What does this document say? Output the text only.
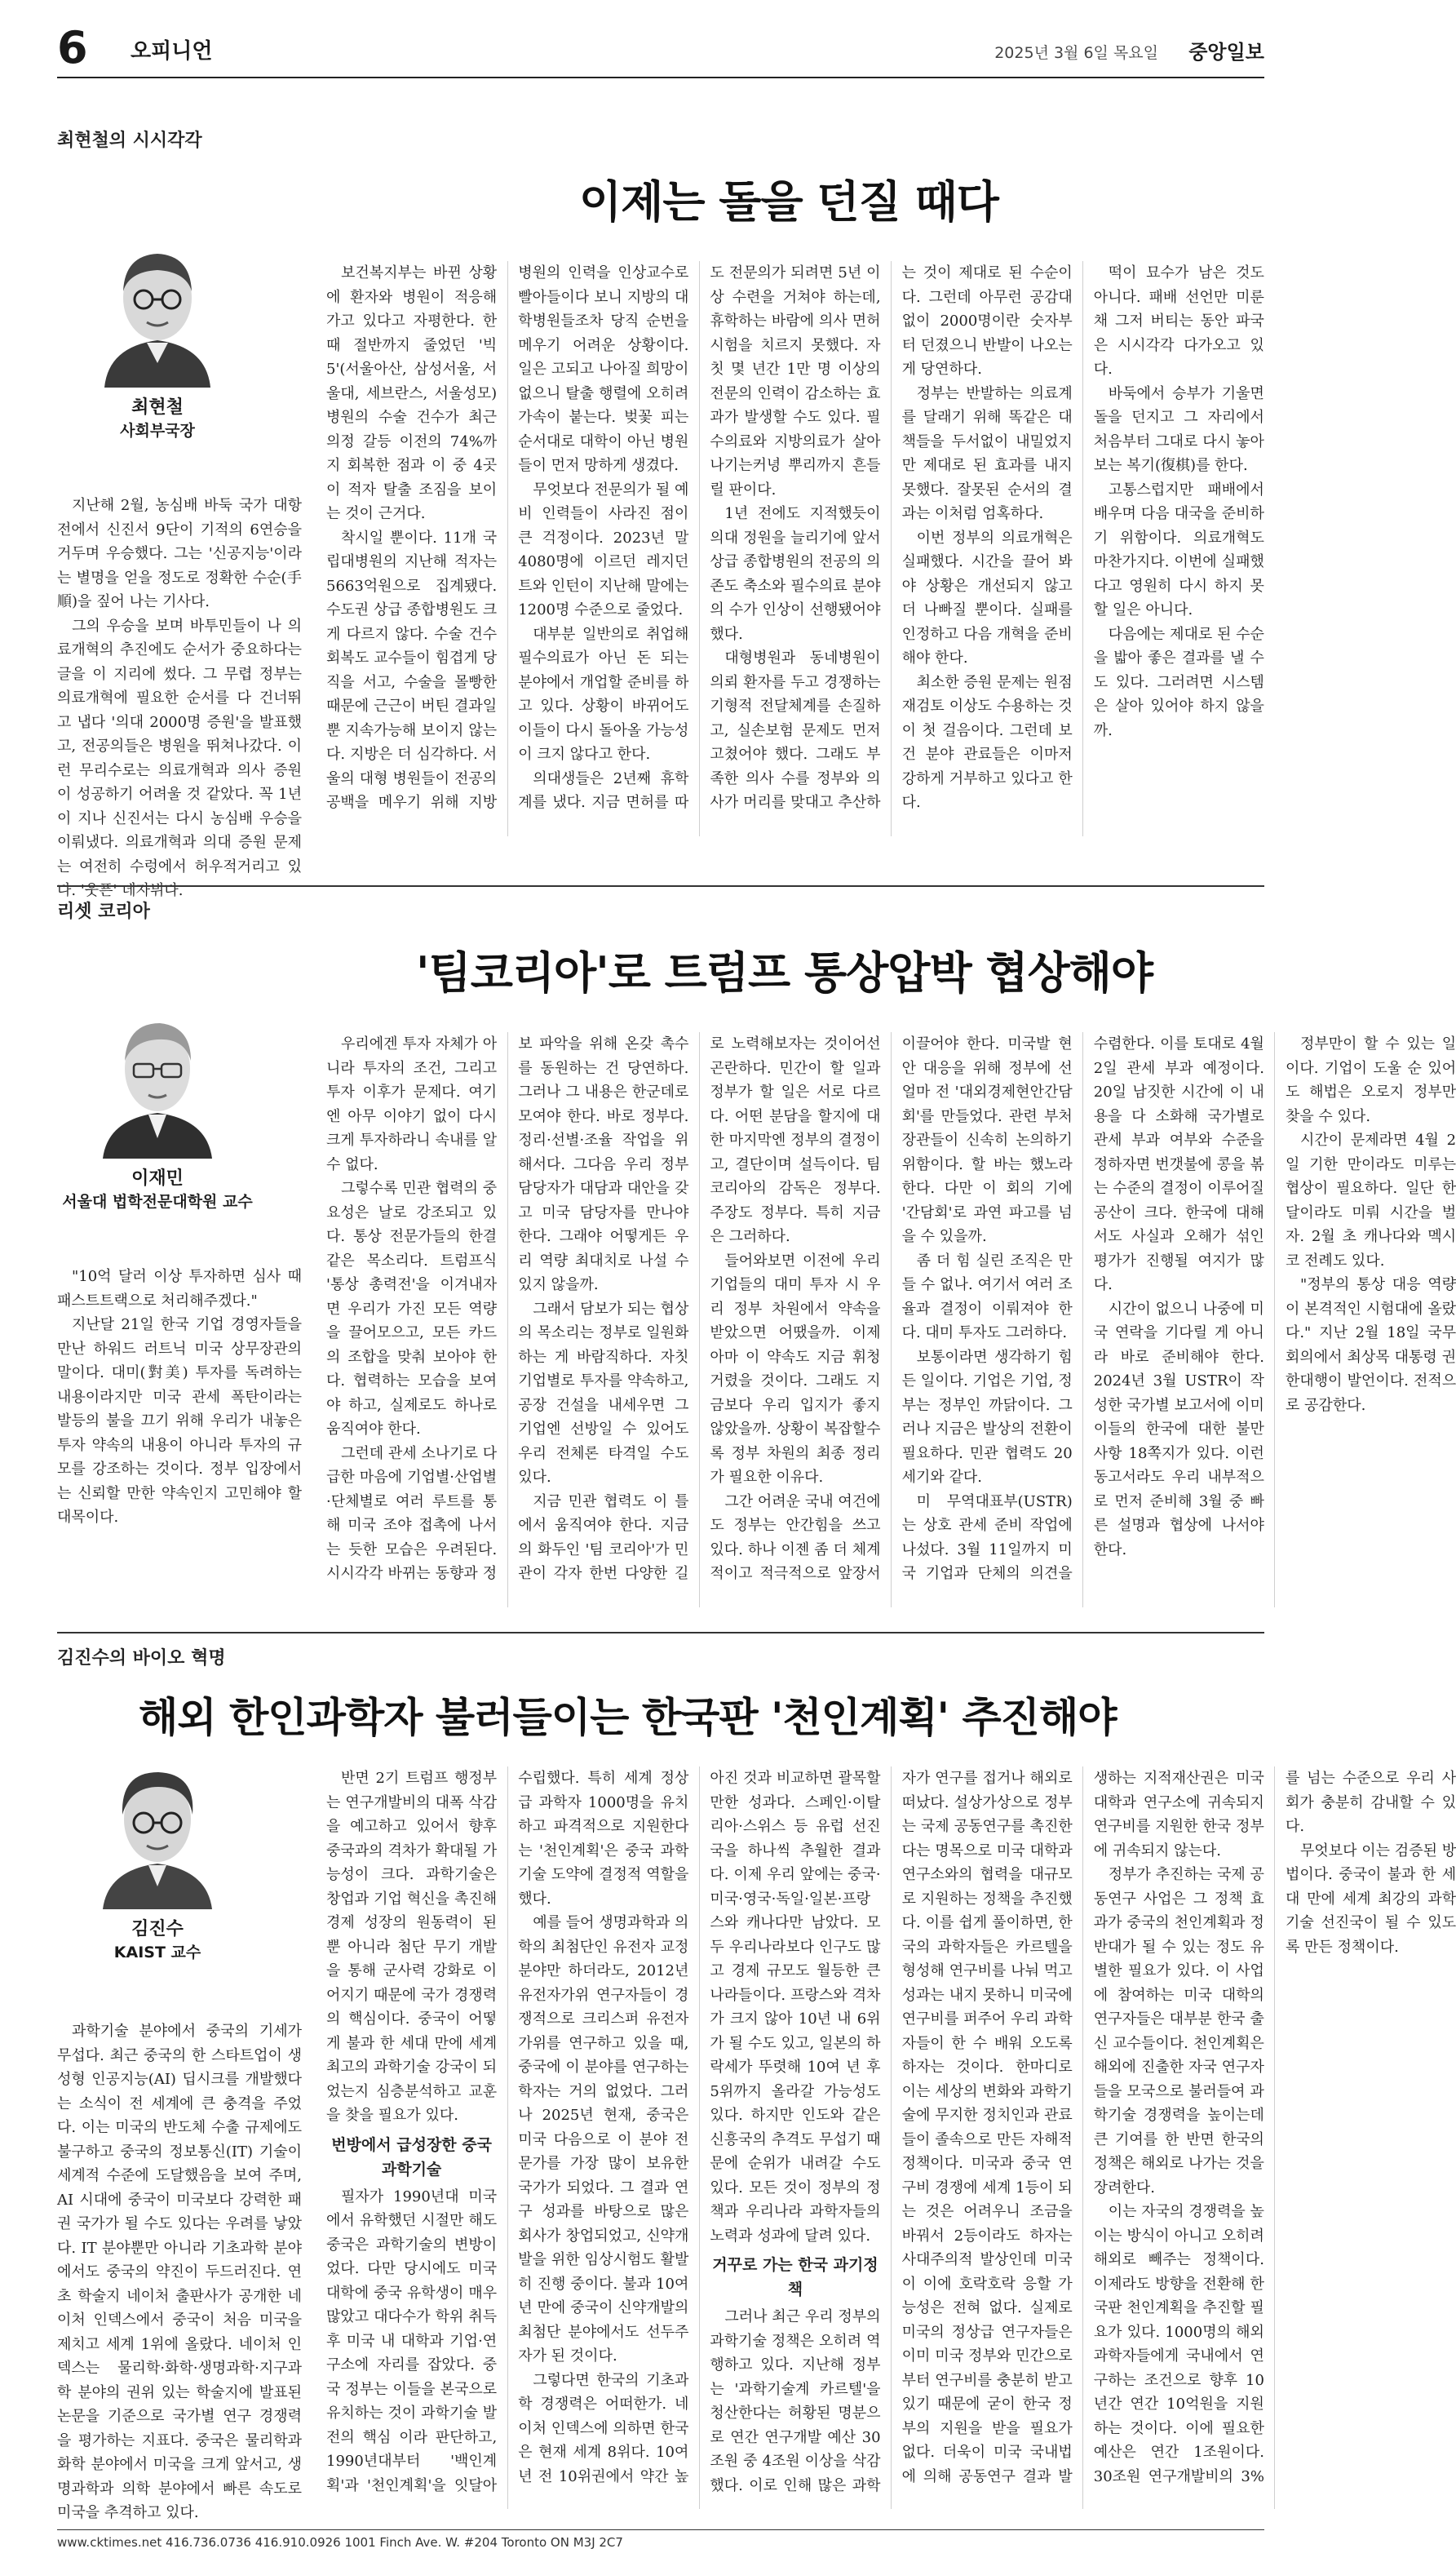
6 오피니언	2025년 3월 6일 목요일 중앙일보
최현철의 시시각각
이제는 돌을 던질 때다
최현철
사회부국장

지난해 2월, 농심배 바둑 국가 대항전에서 신진서 9단이 기적의 6연승을 거두며 우승했다. 그는 '신공지능'이라는 별명을 얻을 정도로 정확한 수순(手順)을 짚어 나는 기사다.

그의 우승을 보며 바투민들이 나 의료개혁의 추진에도 순서가 중요하다는 글을 이 지리에 썼다. 그 무렵 정부는 의료개혁에 필요한 순서를 다 건너뛰고 냅다 '의대 2000명 증원'을 발표했고, 전공의들은 병원을 뛰쳐나갔다. 이런 무리수로는 의료개혁과 의사 증원이 성공하기 어려울 것 같았다. 꼭 1년이 지나 신진서는 다시 농심배 우승을 이뤄냈다. 의료개혁과 의대 증원 문제는 여전히 수렁에서 허우적거리고 있다. '웃픈' 데자뷔다.

보건복지부는 바뀐 상황에 환자와 병원이 적응해 가고 있다고 자평한다. 한때 절반까지 줄었던 '빅5'(서울아산, 삼성서울, 서울대, 세브란스, 서울성모) 병원의 수술 건수가 최근 의정 갈등 이전의 74%까지 회복한 점과 이 중 4곳이 적자 탈출 조짐을 보이는 것이 근거다.

착시일 뿐이다. 11개 국립대병원의 지난해 적자는 5663억원으로 집계됐다. 수도권 상급 종합병원도 크게 다르지 않다. 수술 건수 회복도 교수들이 힘겹게 당직을 서고, 수술을 몰빵한 때문에 근근이 버틴 결과일 뿐 지속가능해 보이지 않는다. 지방은 더 심각하다. 서울의 대형 병원들이 전공의 공백을 메우기 위해 지방 병원의 인력을 인상교수로 빨아들이다 보니 지방의 대학병원들조차 당직 순번을 메우기 어려운 상황이다. 일은 고되고 나아질 희망이 없으니 탈출 행렬에 오히려 가속이 붙는다. 벚꽃 피는 순서대로 대학이 아닌 병원들이 먼저 망하게 생겼다.

무엇보다 전문의가 될 예비 인력들이 사라진 점이 큰 걱정이다. 2023년 말 4080명에 이르던 레지던트와 인턴이 지난해 말에는 1200명 수준으로 줄었다.

대부분 일반의로 취업해 필수의료가 아닌 돈 되는 분야에서 개업할 준비를 하고 있다. 상황이 바뀌어도 이들이 다시 돌아올 가능성이 크지 않다고 한다.

의대생들은 2년째 휴학계를 냈다. 지금 면허를 따도 전문의가 되려면 5년 이상 수련을 거쳐야 하는데, 휴학하는 바람에 의사 면허시험을 치르지 못했다. 자칫 몇 년간 1만 명 이상의 전문의 인력이 감소하는 효과가 발생할 수도 있다. 필수의료와 지방의료가 살아나기는커녕 뿌리까지 흔들릴 판이다.

1년 전에도 지적했듯이 의대 정원을 늘리기에 앞서 상급 종합병원의 전공의 의존도 축소와 필수의료 분야의 수가 인상이 선행됐어야 했다.

대형병원과 동네병원이 의뢰 환자를 두고 경쟁하는 기형적 전달체계를 손질하고, 실손보험 문제도 먼저 고쳤어야 했다. 그래도 부족한 의사 수를 정부와 의사가 머리를 맞대고 추산하는 것이 제대로 된 수순이다. 그런데 아무런 공감대 없이 2000명이란 숫자부터 던졌으니 반발이 나오는 게 당연하다.

정부는 반발하는 의료계를 달래기 위해 똑같은 대책들을 두서없이 내밀었지만 제대로 된 효과를 내지 못했다. 잘못된 순서의 결과는 이처럼 엄혹하다.

이번 정부의 의료개혁은 실패했다. 시간을 끌어 봐야 상황은 개선되지 않고 더 나빠질 뿐이다. 실패를 인정하고 다음 개혁을 준비해야 한다.

최소한 증원 문제는 원점 재검토 이상도 수용하는 것이 첫 걸음이다. 그런데 보건 분야 관료들은 이마저 강하게 거부하고 있다고 한다.

떡이 묘수가 남은 것도 아니다. 패배 선언만 미룬 채 그저 버티는 동안 파국은 시시각각 다가오고 있다.

바둑에서 승부가 기울면 돌을 던지고 그 자리에서 처음부터 그대로 다시 놓아 보는 복기(復棋)를 한다.

고통스럽지만 패배에서 배우며 다음 대국을 준비하기 위함이다. 의료개혁도 마찬가지다. 이번에 실패했다고 영원히 다시 하지 못할 일은 아니다.

다음에는 제대로 된 수순을 밟아 좋은 결과를 낼 수도 있다. 그러려면 시스템은 살아 있어야 하지 않을까.

리셋 코리아
'팀코리아'로 트럼프 통상압박 협상해야
이재민
서울대 법학전문대학원 교수

"10억 달러 이상 투자하면 심사 때 패스트트랙으로 처리해주겠다."

지난달 21일 한국 기업 경영자들을 만난 하워드 러트닉 미국 상무장관의 말이다. 대미(對美) 투자를 독려하는 내용이라지만 미국 관세 폭탄이라는 발등의 불을 끄기 위해 우리가 내놓은 투자 약속의 내용이 아니라 투자의 규모를 강조하는 것이다. 정부 입장에서는 신뢰할 만한 약속인지 고민해야 할 대목이다.

우리에겐 투자 자체가 아니라 투자의 조건, 그리고 투자 이후가 문제다. 여기엔 아무 이야기 없이 다시 크게 투자하라니 속내를 알 수 없다.

그렇수록 민관 협력의 중요성은 날로 강조되고 있다. 통상 전문가들의 한결같은 목소리다. 트럼프식 '통상 총력전'을 이겨내자면 우리가 가진 모든 역량을 끌어모으고, 모든 카드의 조합을 맞춰 보아야 한다. 협력하는 모습을 보여야 하고, 실제로도 하나로 움직여야 한다.

그런데 관세 소나기로 다급한 마음에 기업별·산업별·단체별로 여러 루트를 통해 미국 조야 접촉에 나서는 듯한 모습은 우려된다. 시시각각 바뀌는 동향과 정보 파악을 위해 온갖 촉수를 동원하는 건 당연하다. 그러나 그 내용은 한군데로 모여야 한다. 바로 정부다. 정리·선별·조율 작업을 위해서다. 그다음 우리 정부 담당자가 대담과 대안을 갖고 미국 담당자를 만나야 한다. 그래야 어떻게든 우리 역량 최대치로 나설 수 있지 않을까.

그래서 담보가 되는 협상의 목소리는 정부로 일원화하는 게 바람직하다. 자칫 기업별로 투자를 약속하고, 공장 건설을 내세우면 그 기업엔 선방일 수 있어도 우리 전체론 타격일 수도 있다.

지금 민관 협력도 이 틀에서 움직여야 한다. 지금의 화두인 '팀 코리아'가 민관이 각자 한번 다양한 길로 노력해보자는 것이어선 곤란하다. 민간이 할 일과 정부가 할 일은 서로 다르다. 어떤 분담을 할지에 대한 마지막엔 정부의 결정이고, 결단이며 설득이다. 팀 코리아의 감독은 정부다. 주장도 정부다. 특히 지금은 그러하다.

들어와보면 이전에 우리 기업들의 대미 투자 시 우리 정부 차원에서 약속을 받았으면 어땠을까. 이제 아마 이 약속도 지금 휘청거렸을 것이다. 그래도 지금보다 우리 입지가 좋지 않았을까. 상황이 복잡할수록 정부 차원의 최종 정리가 필요한 이유다.

그간 어려운 국내 여건에도 정부는 안간힘을 쓰고 있다. 하나 이젠 좀 더 체계적이고 적극적으로 앞장서 이끌어야 한다. 미국발 현안 대응을 위해 정부에 선 얼마 전 '대외경제현안간담회'를 만들었다. 관련 부처 장관들이 신속히 논의하기 위함이다. 할 바는 했노라 한다. 다만 이 회의 기에 '간담회'로 과연 파고를 넘을 수 있을까.

좀 더 힘 실린 조직은 만들 수 없나. 여기서 여러 조율과 결정이 이뤄져야 한다. 대미 투자도 그러하다.

보통이라면 생각하기 힘든 일이다. 기업은 기업, 정부는 정부인 까닭이다. 그러나 지금은 발상의 전환이 필요하다. 민관 협력도 20세기와 같다.

미 무역대표부(USTR)는 상호 관세 준비 작업에 나섰다. 3월 11일까지 미국 기업과 단체의 의견을 수렴한다. 이를 토대로 4월 2일 관세 부과 예정이다. 20일 남짓한 시간에 이 내용을 다 소화해 국가별로 관세 부과 여부와 수준을 정하자면 번갯불에 콩을 볶는 수준의 결정이 이루어질 공산이 크다. 한국에 대해서도 사실과 오해가 섞인 평가가 진행될 여지가 많다.

시간이 없으니 나중에 미국 연락을 기다릴 게 아니라 바로 준비해야 한다. 2024년 3월 USTR이 작성한 국가별 보고서에 이미 이들의 한국에 대한 불만 사항 18쪽지가 있다. 이런 동고서라도 우리 내부적으로 먼저 준비해 3월 중 빠른 설명과 협상에 나서야 한다.

정부만이 할 수 있는 일이다. 기업이 도울 순 있어도 해법은 오로지 정부만 찾을 수 있다.

시간이 문제라면 4월 2일 기한 만이라도 미루는 협상이 필요하다. 일단 한 달이라도 미뤄 시간을 벌자. 2월 초 캐나다와 멕시코 전례도 있다.

"정부의 통상 대응 역량이 본격적인 시험대에 올랐다." 지난 2월 18일 국무회의에서 최상목 대통령 권한대행이 발언이다. 전적으로 공감한다.

김진수의 바이오 혁명
해외 한인과학자 불러들이는 한국판 '천인계획' 추진해야
김진수
KAIST 교수

과학기술 분야에서 중국의 기세가 무섭다. 최근 중국의 한 스타트업이 생성형 인공지능(AI) 딥시크를 개발했다는 소식이 전 세계에 큰 충격을 주었다. 이는 미국의 반도체 수출 규제에도 불구하고 중국의 정보통신(IT) 기술이 세계적 수준에 도달했음을 보여 주며, AI 시대에 중국이 미국보다 강력한 패권 국가가 될 수도 있다는 우려를 낳았다. IT 분야뿐만 아니라 기초과학 분야에서도 중국의 약진이 두드러진다. 연초 학술지 네이처 출판사가 공개한 네이처 인덱스에서 중국이 처음 미국을 제치고 세계 1위에 올랐다. 네이처 인덱스는 물리학·화학·생명과학·지구과학 분야의 권위 있는 학술지에 발표된 논문을 기준으로 국가별 연구 경쟁력을 평가하는 지표다. 중국은 물리학과 화학 분야에서 미국을 크게 앞서고, 생명과학과 의학 분야에서 빠른 속도로 미국을 추격하고 있다.

반면 2기 트럼프 행정부는 연구개발비의 대폭 삭감을 예고하고 있어서 향후 중국과의 격차가 확대될 가능성이 크다. 과학기술은 창업과 기업 혁신을 촉진해 경제 성장의 원동력이 된 뿐 아니라 첨단 무기 개발을 통해 군사력 강화로 이어지기 때문에 국가 경쟁력의 핵심이다. 중국이 어떻게 불과 한 세대 만에 세계 최고의 과학기술 강국이 되었는지 심층분석하고 교훈을 찾을 필요가 있다.

번방에서 급성장한 중국 과학기술

필자가 1990년대 미국에서 유학했던 시절만 해도 중국은 과학기술의 변방이었다. 다만 당시에도 미국 대학에 중국 유학생이 매우 많았고 대다수가 학위 취득 후 미국 내 대학과 기업·연구소에 자리를 잡았다. 중국 정부는 이들을 본국으로 유치하는 것이 과학기술 발전의 핵심 이라 판단하고, 1990년대부터 '백인계획'과 '천인계획'을 잇달아 수립했다. 특히 세계 정상급 과학자 1000명을 유치하고 파격적으로 지원한다는 '천인계획'은 중국 과학기술 도약에 결정적 역할을 했다.

예를 들어 생명과학과 의학의 최첨단인 유전자 교정 분야만 하더라도, 2012년 유전자가위 연구자들이 경쟁적으로 크리스퍼 유전자가위를 연구하고 있을 때, 중국에 이 분야를 연구하는 학자는 거의 없었다. 그러나 2025년 현재, 중국은 미국 다음으로 이 분야 전문가를 가장 많이 보유한 국가가 되었다. 그 결과 연구 성과를 바탕으로 많은 회사가 창업되었고, 신약개발을 위한 임상시험도 활발히 진행 중이다. 불과 10여 년 만에 중국이 신약개발의 최첨단 분야에서도 선두주자가 된 것이다.

그렇다면 한국의 기초과학 경쟁력은 어떠한가. 네이처 인덱스에 의하면 한국은 현재 세계 8위다. 10여 년 전 10위권에서 약간 높아진 것과 비교하면 괄목할 만한 성과다. 스페인·이탈리아·스위스 등 유럽 선진국을 하나씩 추월한 결과다. 이제 우리 앞에는 중국·미국·영국·독일·일본·프랑스와 캐나다만 남았다. 모두 우리나라보다 인구도 많고 경제 규모도 월등한 큰 나라들이다. 프랑스와 격차가 크지 않아 10년 내 6위가 될 수도 있고, 일본의 하락세가 뚜렷해 10여 년 후 5위까지 올라갈 가능성도 있다. 하지만 인도와 같은 신흥국의 추격도 무섭기 때문에 순위가 내려갈 수도 있다. 모든 것이 정부의 정책과 우리나라 과학자들의 노력과 성과에 달려 있다.

거꾸로 가는 한국 과기정책

그러나 최근 우리 정부의 과학기술 정책은 오히려 역행하고 있다. 지난해 정부는 '과학기술계 카르텔'을 청산한다는 허황된 명분으로 연간 연구개발 예산 30조원 중 4조원 이상을 삭감했다. 이로 인해 많은 과학자가 연구를 접거나 해외로 떠났다. 설상가상으로 정부는 국제 공동연구를 촉진한다는 명목으로 미국 대학과 연구소와의 협력을 대규모로 지원하는 정책을 추진했다. 이를 쉽게 풀이하면, 한국의 과학자들은 카르텔을 형성해 연구비를 나눠 먹고 성과는 내지 못하니 미국에 연구비를 퍼주어 우리 과학자들이 한 수 배워 오도록 하자는 것이다. 한마디로 이는 세상의 변화와 과학기술에 무지한 정치인과 관료들이 졸속으로 만든 자해적 정책이다. 미국과 중국 연구비 경쟁에 세계 1등이 되는 것은 어려우니 조금을 바꿔서 2등이라도 하자는 사대주의적 발상인데 미국이 이에 호락호락 응할 가능성은 전혀 없다. 실제로 미국의 정상급 연구자들은 이미 미국 정부와 민간으로부터 연구비를 충분히 받고 있기 때문에 굳이 한국 정부의 지원을 받을 필요가 없다. 더욱이 미국 국내법에 의해 공동연구 결과 발생하는 지적재산권은 미국 대학과 연구소에 귀속되지 연구비를 지원한 한국 정부에 귀속되지 않는다.

정부가 추진하는 국제 공동연구 사업은 그 정책 효과가 중국의 천인계획과 정반대가 될 수 있는 정도 유별한 필요가 있다. 이 사업에 참여하는 미국 대학의 연구자들은 대부분 한국 출신 교수들이다. 천인계획은 해외에 진출한 자국 연구자들을 모국으로 불러들여 과학기술 경쟁력을 높이는데 큰 기여를 한 반면 한국의 정책은 해외로 나가는 것을 장려한다.

이는 자국의 경쟁력을 높이는 방식이 아니고 오히려 해외로 빼주는 정책이다. 이제라도 방향을 전환해 한국판 천인계획을 추진할 필요가 있다. 1000명의 해외 과학자들에게 국내에서 연구하는 조건으로 향후 10년간 연간 10억원을 지원하는 것이다. 이에 필요한 예산은 연간 1조원이다. 30조원 연구개발비의 3%를 넘는 수준으로 우리 사회가 충분히 감내할 수 있다.

무엇보다 이는 검증된 방법이다. 중국이 불과 한 세대 만에 세계 최강의 과학기술 선진국이 될 수 있도록 만든 정책이다.

www.cktimes.net 416.736.0736 416.910.0926 1001 Finch Ave. W. #204 Toronto ON M3J 2C7
